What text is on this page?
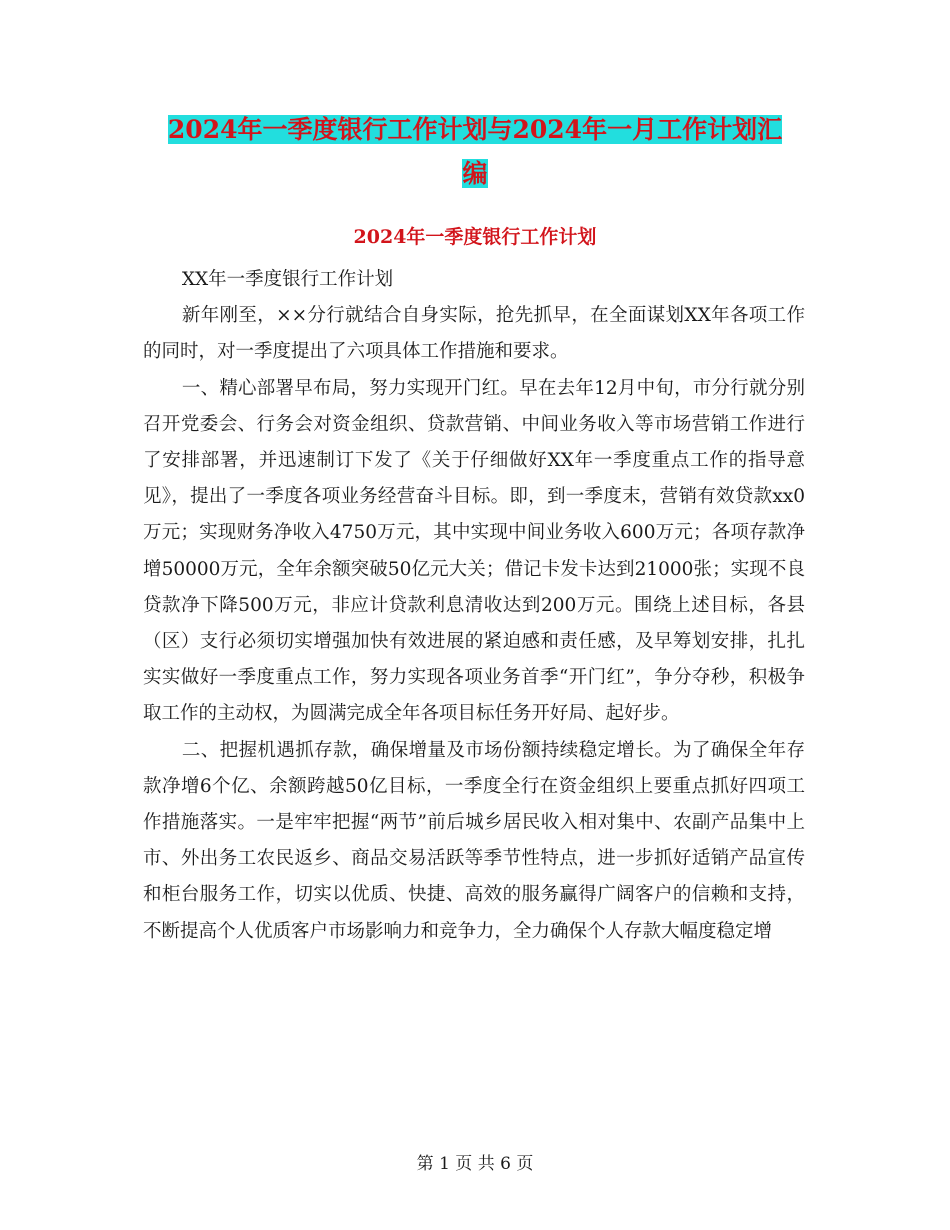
2024年一季度银行工作计划与2024年一月工作计划汇
编
2024年一季度银行工作计划

XX年一季度银行工作计划

新年刚至，××分行就结合自身实际，抢先抓早，在全面谋划XX年各项工作的同时，对一季度提出了六项具体工作措施和要求。

一、精心部署早布局，努力实现开门红。早在去年12月中旬，市分行就分别召开党委会、行务会对资金组织、贷款营销、中间业务收入等市场营销工作进行了安排部署，并迅速制订下发了《关于仔细做好XX年一季度重点工作的指导意见》，提出了一季度各项业务经营奋斗目标。即，到一季度末，营销有效贷款xx0万元；实现财务净收入4750万元，其中实现中间业务收入600万元；各项存款净增50000万元，全年余额突破50亿元大关；借记卡发卡达到21000张；实现不良贷款净下降500万元，非应计贷款利息清收达到200万元。围绕上述目标，各县（区）支行必须切实增强加快有效进展的紧迫感和责任感，及早筹划安排，扎扎实实做好一季度重点工作，努力实现各项业务首季“开门红”，争分夺秒，积极争取工作的主动权，为圆满完成全年各项目标任务开好局、起好步。

二、把握机遇抓存款，确保增量及市场份额持续稳定增长。为了确保全年存款净增6个亿、余额跨越50亿目标，一季度全行在资金组织上要重点抓好四项工作措施落实。一是牢牢把握“两节”前后城乡居民收入相对集中、农副产品集中上市、外出务工农民返乡、商品交易活跃等季节性特点，进一步抓好适销产品宣传和柜台服务工作，切实以优质、快捷、高效的服务赢得广阔客户的信赖和支持，不断提高个人优质客户市场影响力和竞争力，全力确保个人存款大幅度稳定增

第 1 页 共 6 页
